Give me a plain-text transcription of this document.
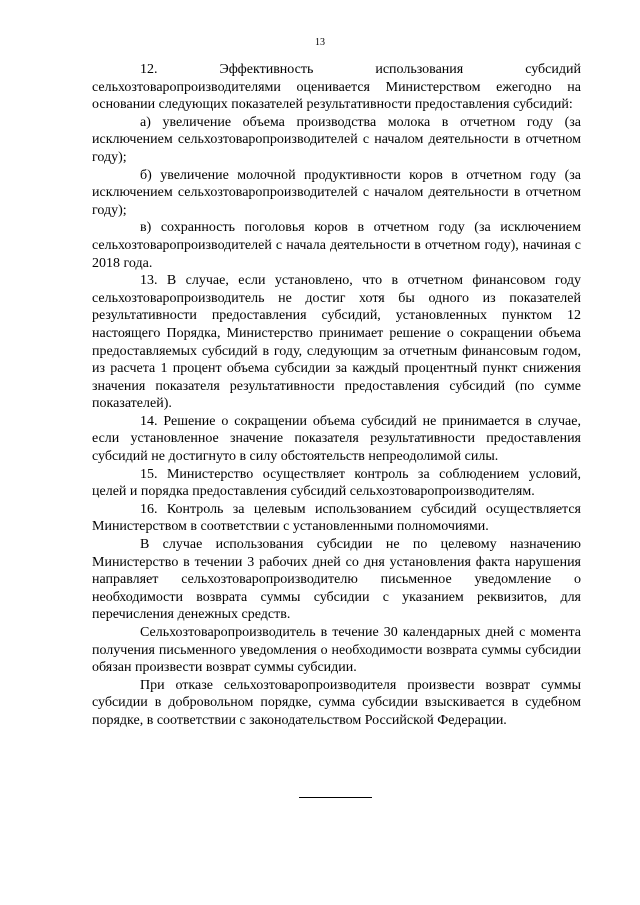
13
12.	Эффективность	использования	субсидий

сельхозтоваропроизводителями оценивается Министерством ежегодно на основании следующих показателей результативности предоставления субсидий:

а) увеличение объема производства молока в отчетном году (за исключением сельхозтоваропроизводителей с началом деятельности в отчетном году);

б) увеличение молочной продуктивности коров в отчетном году (за исключением сельхозтоваропроизводителей с началом деятельности в отчетном году);

в) сохранность поголовья коров в отчетном году (за исключением сельхозтоваропроизводителей с начала деятельности в отчетном году), начиная с 2018 года.

13. В случае, если установлено, что в отчетном финансовом году сельхозтоваропроизводитель не достиг хотя бы одного из показателей результативности предоставления субсидий, установленных пунктом 12 настоящего Порядка, Министерство принимает решение о сокращении объема предоставляемых субсидий в году, следующим за отчетным финансовым годом, из расчета 1 процент объема субсидии за каждый процентный пункт снижения значения показателя результативности предоставления субсидий (по сумме показателей).

14. Решение о сокращении объема субсидий не принимается в случае, если установленное значение показателя результативности предоставления субсидий не достигнуто в силу обстоятельств непреодолимой силы.

15. Министерство осуществляет контроль за соблюдением условий, целей и порядка предоставления субсидий сельхозтоваропроизводителям.

16. Контроль за целевым использованием субсидий осуществляется Министерством в соответствии с установленными полномочиями.

В случае использования субсидии не по целевому назначению Министерство в течении 3 рабочих дней со дня установления факта нарушения направляет сельхозтоваропроизводителю письменное уведомление о необходимости возврата суммы субсидии с указанием реквизитов, для перечисления денежных средств.

Сельхозтоваропроизводитель в течение 30 календарных дней с момента получения письменного уведомления о необходимости возврата суммы субсидии обязан произвести возврат суммы субсидии.

При отказе сельхозтоваропроизводителя произвести возврат суммы субсидии в добровольном порядке, сумма субсидии взыскивается в судебном порядке, в соответствии с законодательством Российской Федерации.
